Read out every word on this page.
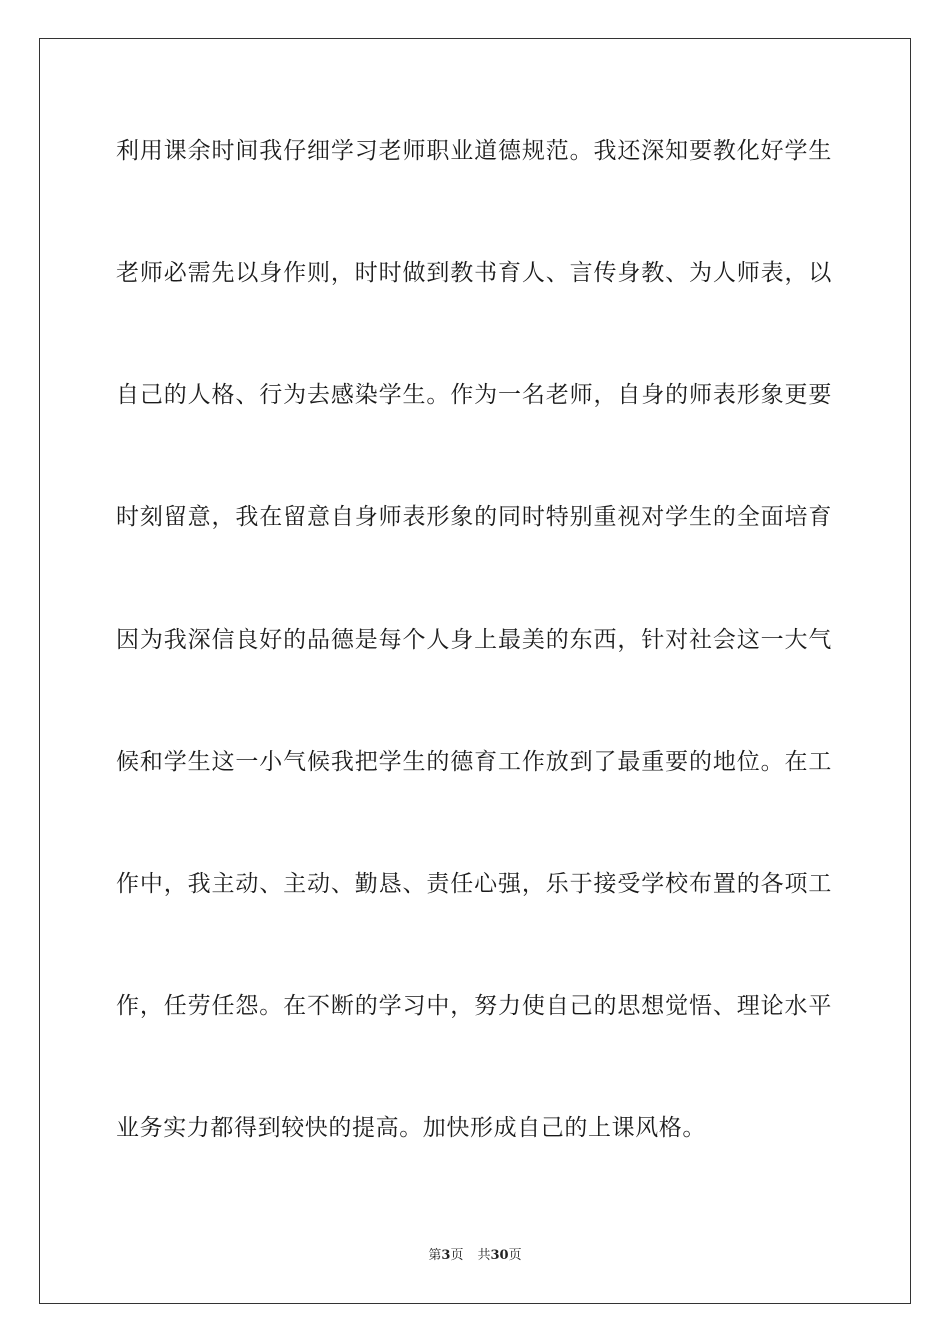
利用课余时间我仔细学习老师职业道德规范。我还深知要教化好学生
老师必需先以身作则，时时做到教书育人、言传身教、为人师表，以
自己的人格、行为去感染学生。作为一名老师，自身的师表形象更要
时刻留意，我在留意自身师表形象的同时特别重视对学生的全面培育
因为我深信良好的品德是每个人身上最美的东西，针对社会这一大气
候和学生这一小气候我把学生的德育工作放到了最重要的地位。在工
作中，我主动、主动、勤恳、责任心强，乐于接受学校布置的各项工
作，任劳任怨。在不断的学习中，努力使自己的思想觉悟、理论水平
业务实力都得到较快的提高。加快形成自己的上课风格。
第3页 共30页
